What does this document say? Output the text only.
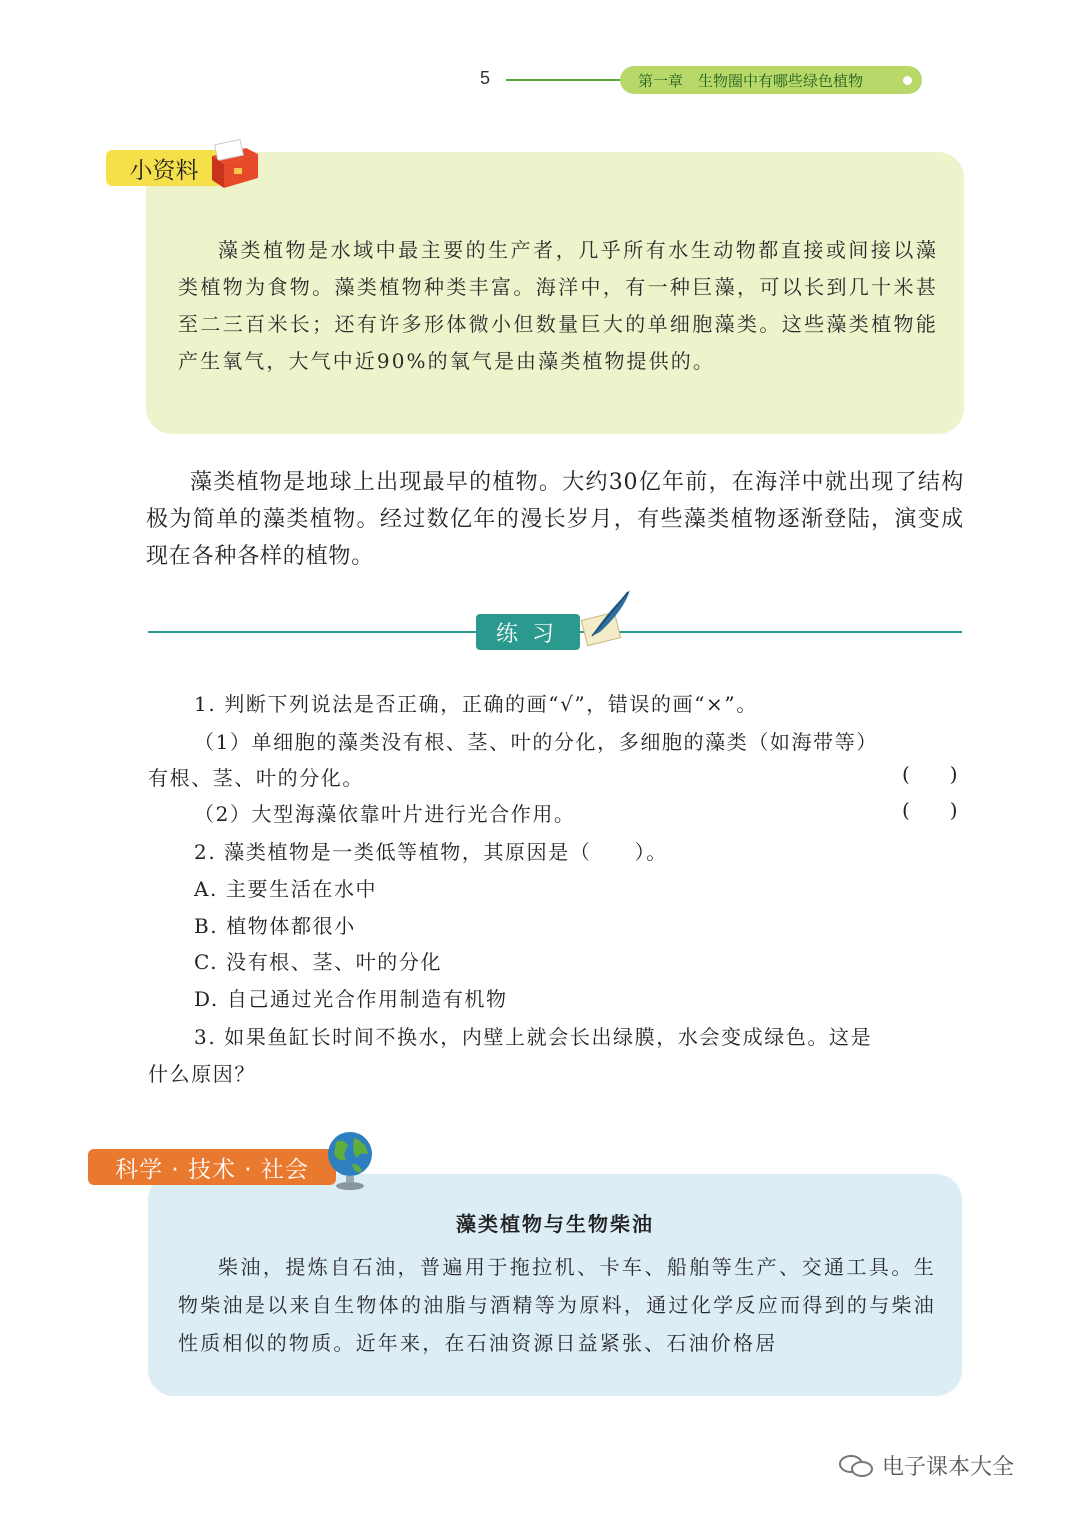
5	第一章　生物圈中有哪些绿色植物
小资料
藻类植物是水域中最主要的生产者，几乎所有水生动物都直接或间接以藻类植物为食物。藻类植物种类丰富。海洋中，有一种巨藻，可以长到几十米甚至二三百米长；还有许多形体微小但数量巨大的单细胞藻类。这些藻类植物能产生氧气，大气中近90%的氧气是由藻类植物提供的。
藻类植物是地球上出现最早的植物。大约30亿年前，在海洋中就出现了结构极为简单的藻类植物。经过数亿年的漫长岁月，有些藻类植物逐渐登陆，演变成现在各种各样的植物。
练习
1. 判断下列说法是否正确，正确的画“√”，错误的画“×”。
（1）单细胞的藻类没有根、茎、叶的分化，多细胞的藻类（如海带等）
有根、茎、叶的分化。	(　　)
（2）大型海藻依靠叶片进行光合作用。	(　　)
2. 藻类植物是一类低等植物，其原因是（　　）。
A. 主要生活在水中
B. 植物体都很小
C. 没有根、茎、叶的分化
D. 自己通过光合作用制造有机物
3. 如果鱼缸长时间不换水，内壁上就会长出绿膜，水会变成绿色。这是
什么原因？
科学 · 技术 · 社会
藻类植物与生物柴油
柴油，提炼自石油，普遍用于拖拉机、卡车、船舶等生产、交通工具。生物柴油是以来自生物体的油脂与酒精等为原料，通过化学反应而得到的与柴油性质相似的物质。近年来，在石油资源日益紧张、石油价格居
电子课本大全
